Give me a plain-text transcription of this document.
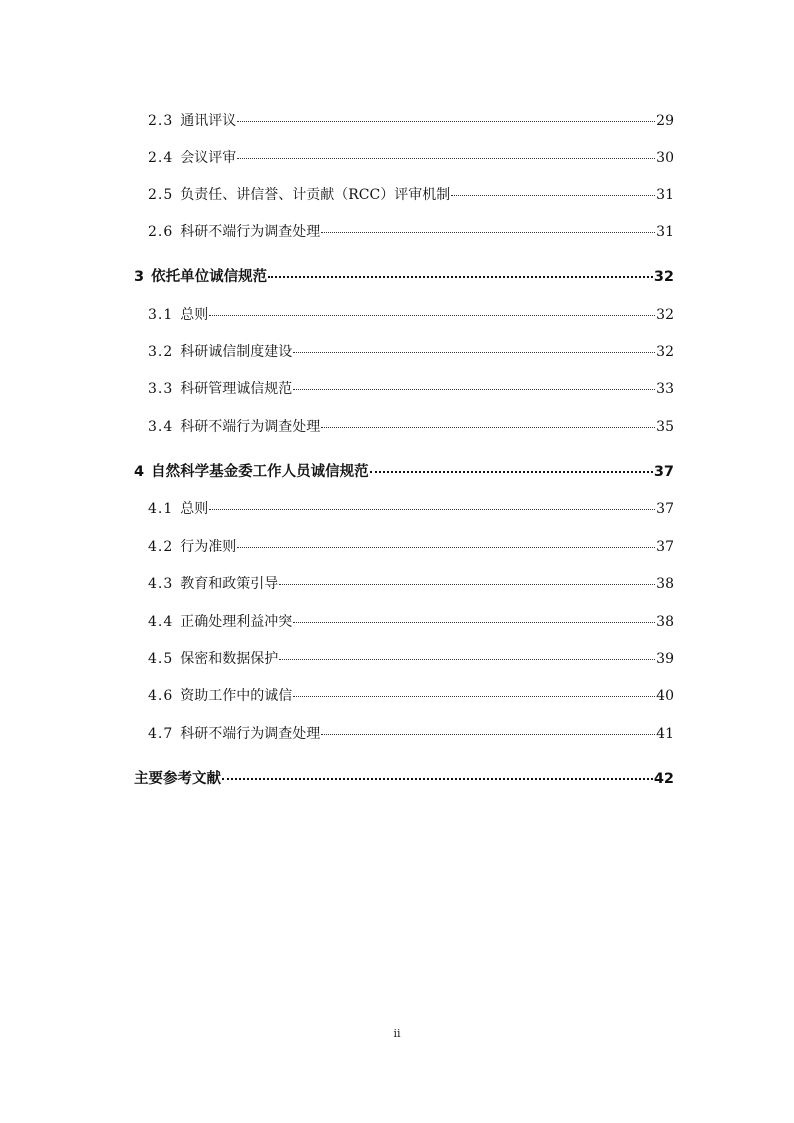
2.3 通讯评议	29
2.4 会议评审	30
2.5 负责任、讲信誉、计贡献（RCC）评审机制	31
2.6 科研不端行为调查处理	31
3 依托单位诚信规范	32
3.1 总则	32
3.2 科研诚信制度建设	32
3.3 科研管理诚信规范	33
3.4 科研不端行为调查处理	35
4 自然科学基金委工作人员诚信规范	37
4.1 总则	37
4.2 行为准则	37
4.3 教育和政策引导	38
4.4 正确处理利益冲突	38
4.5 保密和数据保护	39
4.6 资助工作中的诚信	40
4.7 科研不端行为调查处理	41
主要参考文献	42
ii
